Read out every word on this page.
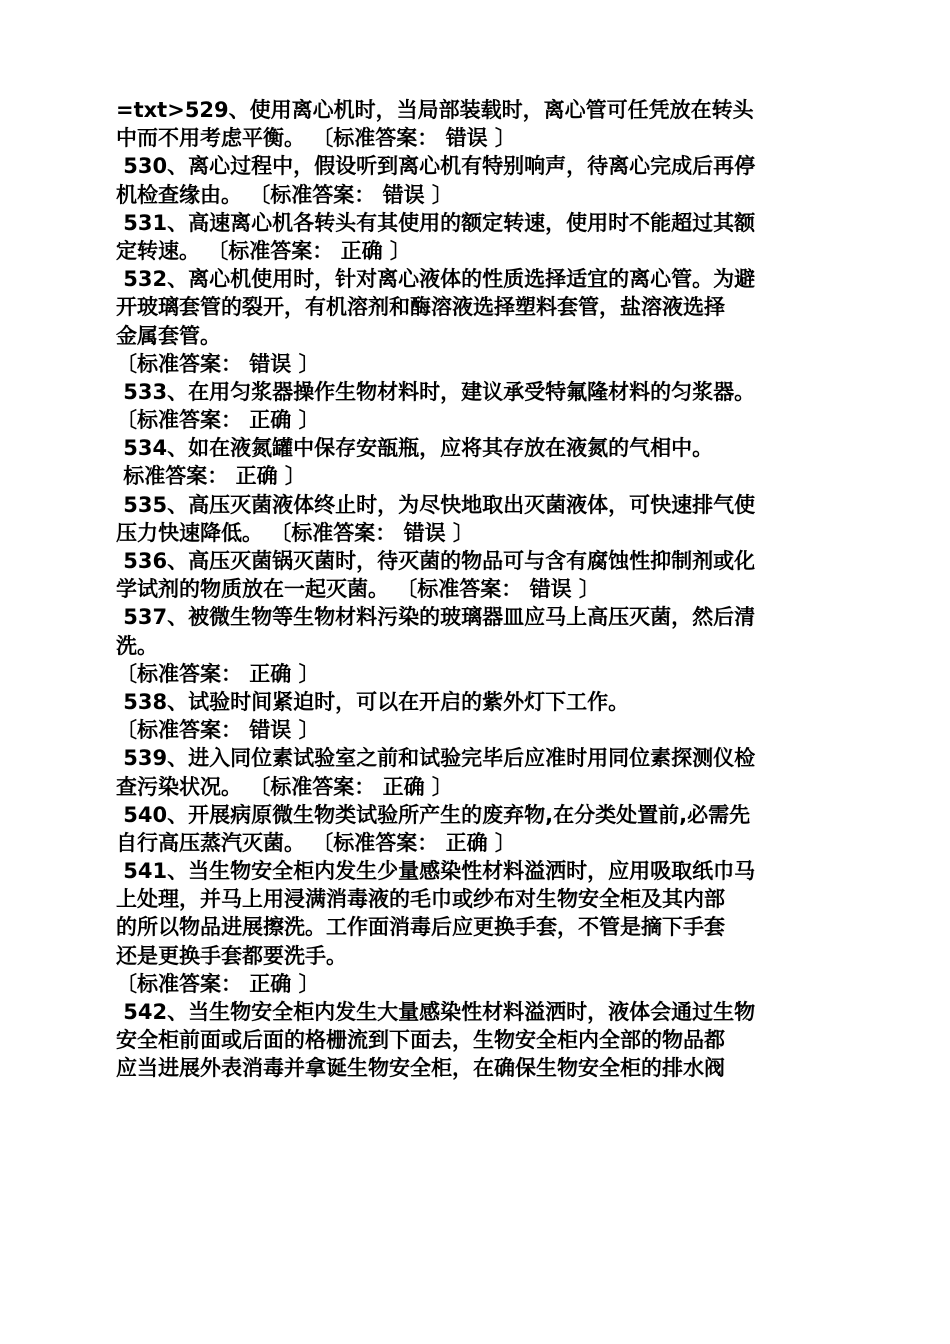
=txt>529、使用离心机时，当局部装载时，离心管可任凭放在转头
中而不用考虑平衡。 〔标准答案： 错误 〕
530、离心过程中，假设听到离心机有特别响声，待离心完成后再停
机检查缘由。 〔标准答案： 错误 〕
531、高速离心机各转头有其使用的额定转速，使用时不能超过其额
定转速。 〔标准答案： 正确 〕
532、离心机使用时，针对离心液体的性质选择适宜的离心管。为避
开玻璃套管的裂开，有机溶剂和酶溶液选择塑料套管，盐溶液选择
金属套管。
〔标准答案： 错误 〕
533、在用匀浆器操作生物材料时，建议承受特氟隆材料的匀浆器。
〔标准答案： 正确 〕
534、如在液氮罐中保存安瓿瓶，应将其存放在液氮的气相中。
标准答案： 正确 〕
535、高压灭菌液体终止时，为尽快地取出灭菌液体，可快速排气使
压力快速降低。 〔标准答案： 错误 〕
536、高压灭菌锅灭菌时，待灭菌的物品可与含有腐蚀性抑制剂或化
学试剂的物质放在一起灭菌。 〔标准答案： 错误 〕
537、被微生物等生物材料污染的玻璃器皿应马上高压灭菌，然后清
洗。
〔标准答案： 正确 〕
538、试验时间紧迫时，可以在开启的紫外灯下工作。
〔标准答案： 错误 〕
539、进入同位素试验室之前和试验完毕后应准时用同位素探测仪检
查污染状况。 〔标准答案： 正确 〕
540、开展病原微生物类试验所产生的废弃物,在分类处置前,必需先
自行高压蒸汽灭菌。 〔标准答案： 正确 〕
541、当生物安全柜内发生少量感染性材料溢洒时，应用吸取纸巾马
上处理，并马上用浸满消毒液的毛巾或纱布对生物安全柜及其内部
的所以物品进展擦洗。工作面消毒后应更换手套，不管是摘下手套
还是更换手套都要洗手。
〔标准答案： 正确 〕
542、当生物安全柜内发生大量感染性材料溢洒时，液体会通过生物
安全柜前面或后面的格栅流到下面去，生物安全柜内全部的物品都
应当进展外表消毒并拿诞生物安全柜，在确保生物安全柜的排水阀
